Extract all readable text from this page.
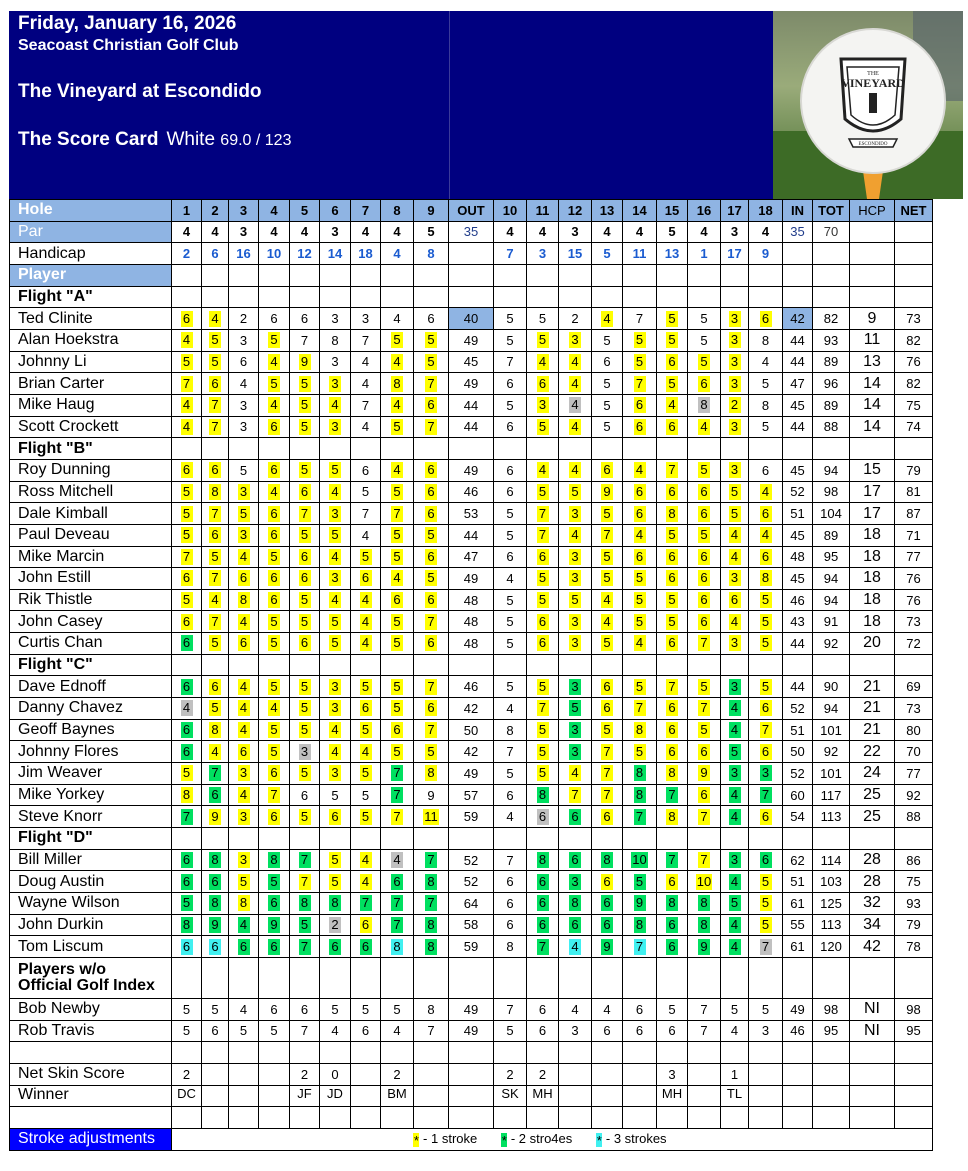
Friday, January 16, 2026
Seacoast Christian Golf Club
The Vineyard at Escondido
The Score Card White 69.0 / 123
THE
VINEYARD
ESCONDIDO
Hole	1	2	3	4	5	6	7	8	9	OUT	10	11	12	13	14	15	16	17	18	IN	TOT	HCP	NET
Par	4	4	3	4	4	3	4	4	5	35	4	4	3	4	4	5	4	3	4	35	70		
Handicap	2	6	16	10	12	14	18	4	8		7	3	15	5	11	13	1	17	9				
Player																							
Flight "A"																							
Ted Clinite	6	4	2	6	6	3	3	4	6	40	5	5	2	4	7	5	5	3	6	42	82	9	73
Alan Hoekstra	4	5	3	5	7	8	7	5	5	49	5	5	3	5	5	5	5	3	8	44	93	11	82
Johnny Li	5	5	6	4	9	3	4	4	5	45	7	4	4	6	5	6	5	3	4	44	89	13	76
Brian Carter	7	6	4	5	5	3	4	8	7	49	6	6	4	5	7	5	6	3	5	47	96	14	82
Mike Haug	4	7	3	4	5	4	7	4	6	44	5	3	4	5	6	4	8	2	8	45	89	14	75
Scott Crockett	4	7	3	6	5	3	4	5	7	44	6	5	4	5	6	6	4	3	5	44	88	14	74
Flight "B"																							
Roy Dunning	6	6	5	6	5	5	6	4	6	49	6	4	4	6	4	7	5	3	6	45	94	15	79
Ross Mitchell	5	8	3	4	6	4	5	5	6	46	6	5	5	9	6	6	6	5	4	52	98	17	81
Dale Kimball	5	7	5	6	7	3	7	7	6	53	5	7	3	5	6	8	6	5	6	51	104	17	87
Paul Deveau	5	6	3	6	5	5	4	5	5	44	5	7	4	7	4	5	5	4	4	45	89	18	71
Mike Marcin	7	5	4	5	6	4	5	5	6	47	6	6	3	5	6	6	6	4	6	48	95	18	77
John Estill	6	7	6	6	6	3	6	4	5	49	4	5	3	5	5	6	6	3	8	45	94	18	76
Rik Thistle	5	4	8	6	5	4	4	6	6	48	5	5	5	4	5	5	6	6	5	46	94	18	76
John Casey	6	7	4	5	5	5	4	5	7	48	5	6	3	4	5	5	6	4	5	43	91	18	73
Curtis Chan	6	5	6	5	6	5	4	5	6	48	5	6	3	5	4	6	7	3	5	44	92	20	72
Flight "C"																							
Dave Ednoff	6	6	4	5	5	3	5	5	7	46	5	5	3	6	5	7	5	3	5	44	90	21	69
Danny Chavez	4	5	4	4	5	3	6	5	6	42	4	7	5	6	7	6	7	4	6	52	94	21	73
Geoff Baynes	6	8	4	5	5	4	5	6	7	50	8	5	3	5	8	6	5	4	7	51	101	21	80
Johnny Flores	6	4	6	5	3	4	4	5	5	42	7	5	3	7	5	6	6	5	6	50	92	22	70
Jim Weaver	5	7	3	6	5	3	5	7	8	49	5	5	4	7	8	8	9	3	3	52	101	24	77
Mike Yorkey	8	6	4	7	6	5	5	7	9	57	6	8	7	7	8	7	6	4	7	60	117	25	92
Steve Knorr	7	9	3	6	5	6	5	7	11	59	4	6	6	6	7	8	7	4	6	54	113	25	88
Flight "D"																							
Bill Miller	6	8	3	8	7	5	4	4	7	52	7	8	6	8	10	7	7	3	6	62	114	28	86
Doug Austin	6	6	5	5	7	5	4	6	8	52	6	6	3	6	5	6	10	4	5	51	103	28	75
Wayne Wilson	5	8	8	6	8	8	7	7	7	64	6	6	8	6	9	8	8	5	5	61	125	32	93
John Durkin	8	9	4	9	5	2	6	7	8	58	6	6	6	6	8	6	8	4	5	55	113	34	79
Tom Liscum	6	6	6	6	7	6	6	8	8	59	8	7	4	9	7	6	9	4	7	61	120	42	78

Players w/o
Official Golf Index																							

Bob Newby	5	5	4	6	6	5	5	5	8	49	7	6	4	4	6	5	7	5	5	49	98	NI	98
Rob Travis	5	6	5	5	7	4	6	4	7	49	5	6	3	6	6	6	7	4	3	46	95	NI	95

Net Skin Score	2				2	0		2			2	2				3		1					
Winner	DC				JF	JD		BM			SK	MH				MH		TL					

Stroke adjustments	* - 1 stroke * - 2 stro4es * - 3 strokes																						
